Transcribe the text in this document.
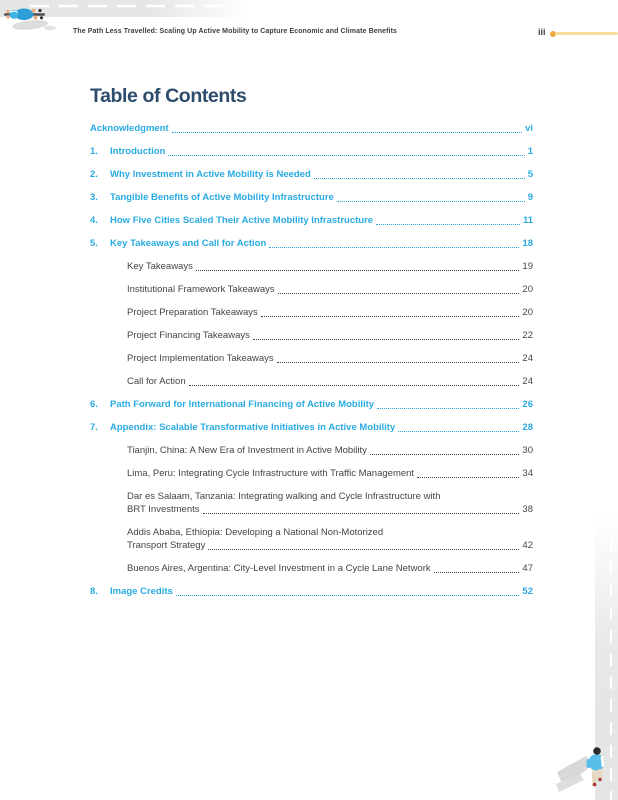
The Path Less Travelled: Scaling Up Active Mobility to Capture Economic and Climate Benefits	iii
Table of Contents
Acknowledgment	vi
1.	Introduction	1
2.	Why Investment in Active Mobility is Needed	5
3.	Tangible Benefits of Active Mobility Infrastructure	9
4.	How Five Cities Scaled Their Active Mobility Infrastructure	11
5.	Key Takeaways and Call for Action	18
Key Takeaways	19
Institutional Framework Takeaways	20
Project Preparation Takeaways	20
Project Financing Takeaways	22
Project Implementation Takeaways	24
Call for Action	24
6.	Path Forward for International Financing of Active Mobility	26
7.	Appendix: Scalable Transformative Initiatives in Active Mobility	28
Tianjin, China: A New Era of Investment in Active Mobility	30
Lima, Peru: Integrating Cycle Infrastructure with Traffic Management	34
Dar es Salaam, Tanzania: Integrating walking and Cycle Infrastructure with
BRT Investments	38
Addis Ababa, Ethiopia: Developing a National Non-Motorized
Transport Strategy	42
Buenos Aires, Argentina: City-Level Investment in a Cycle Lane Network	47
8.	Image Credits	52
